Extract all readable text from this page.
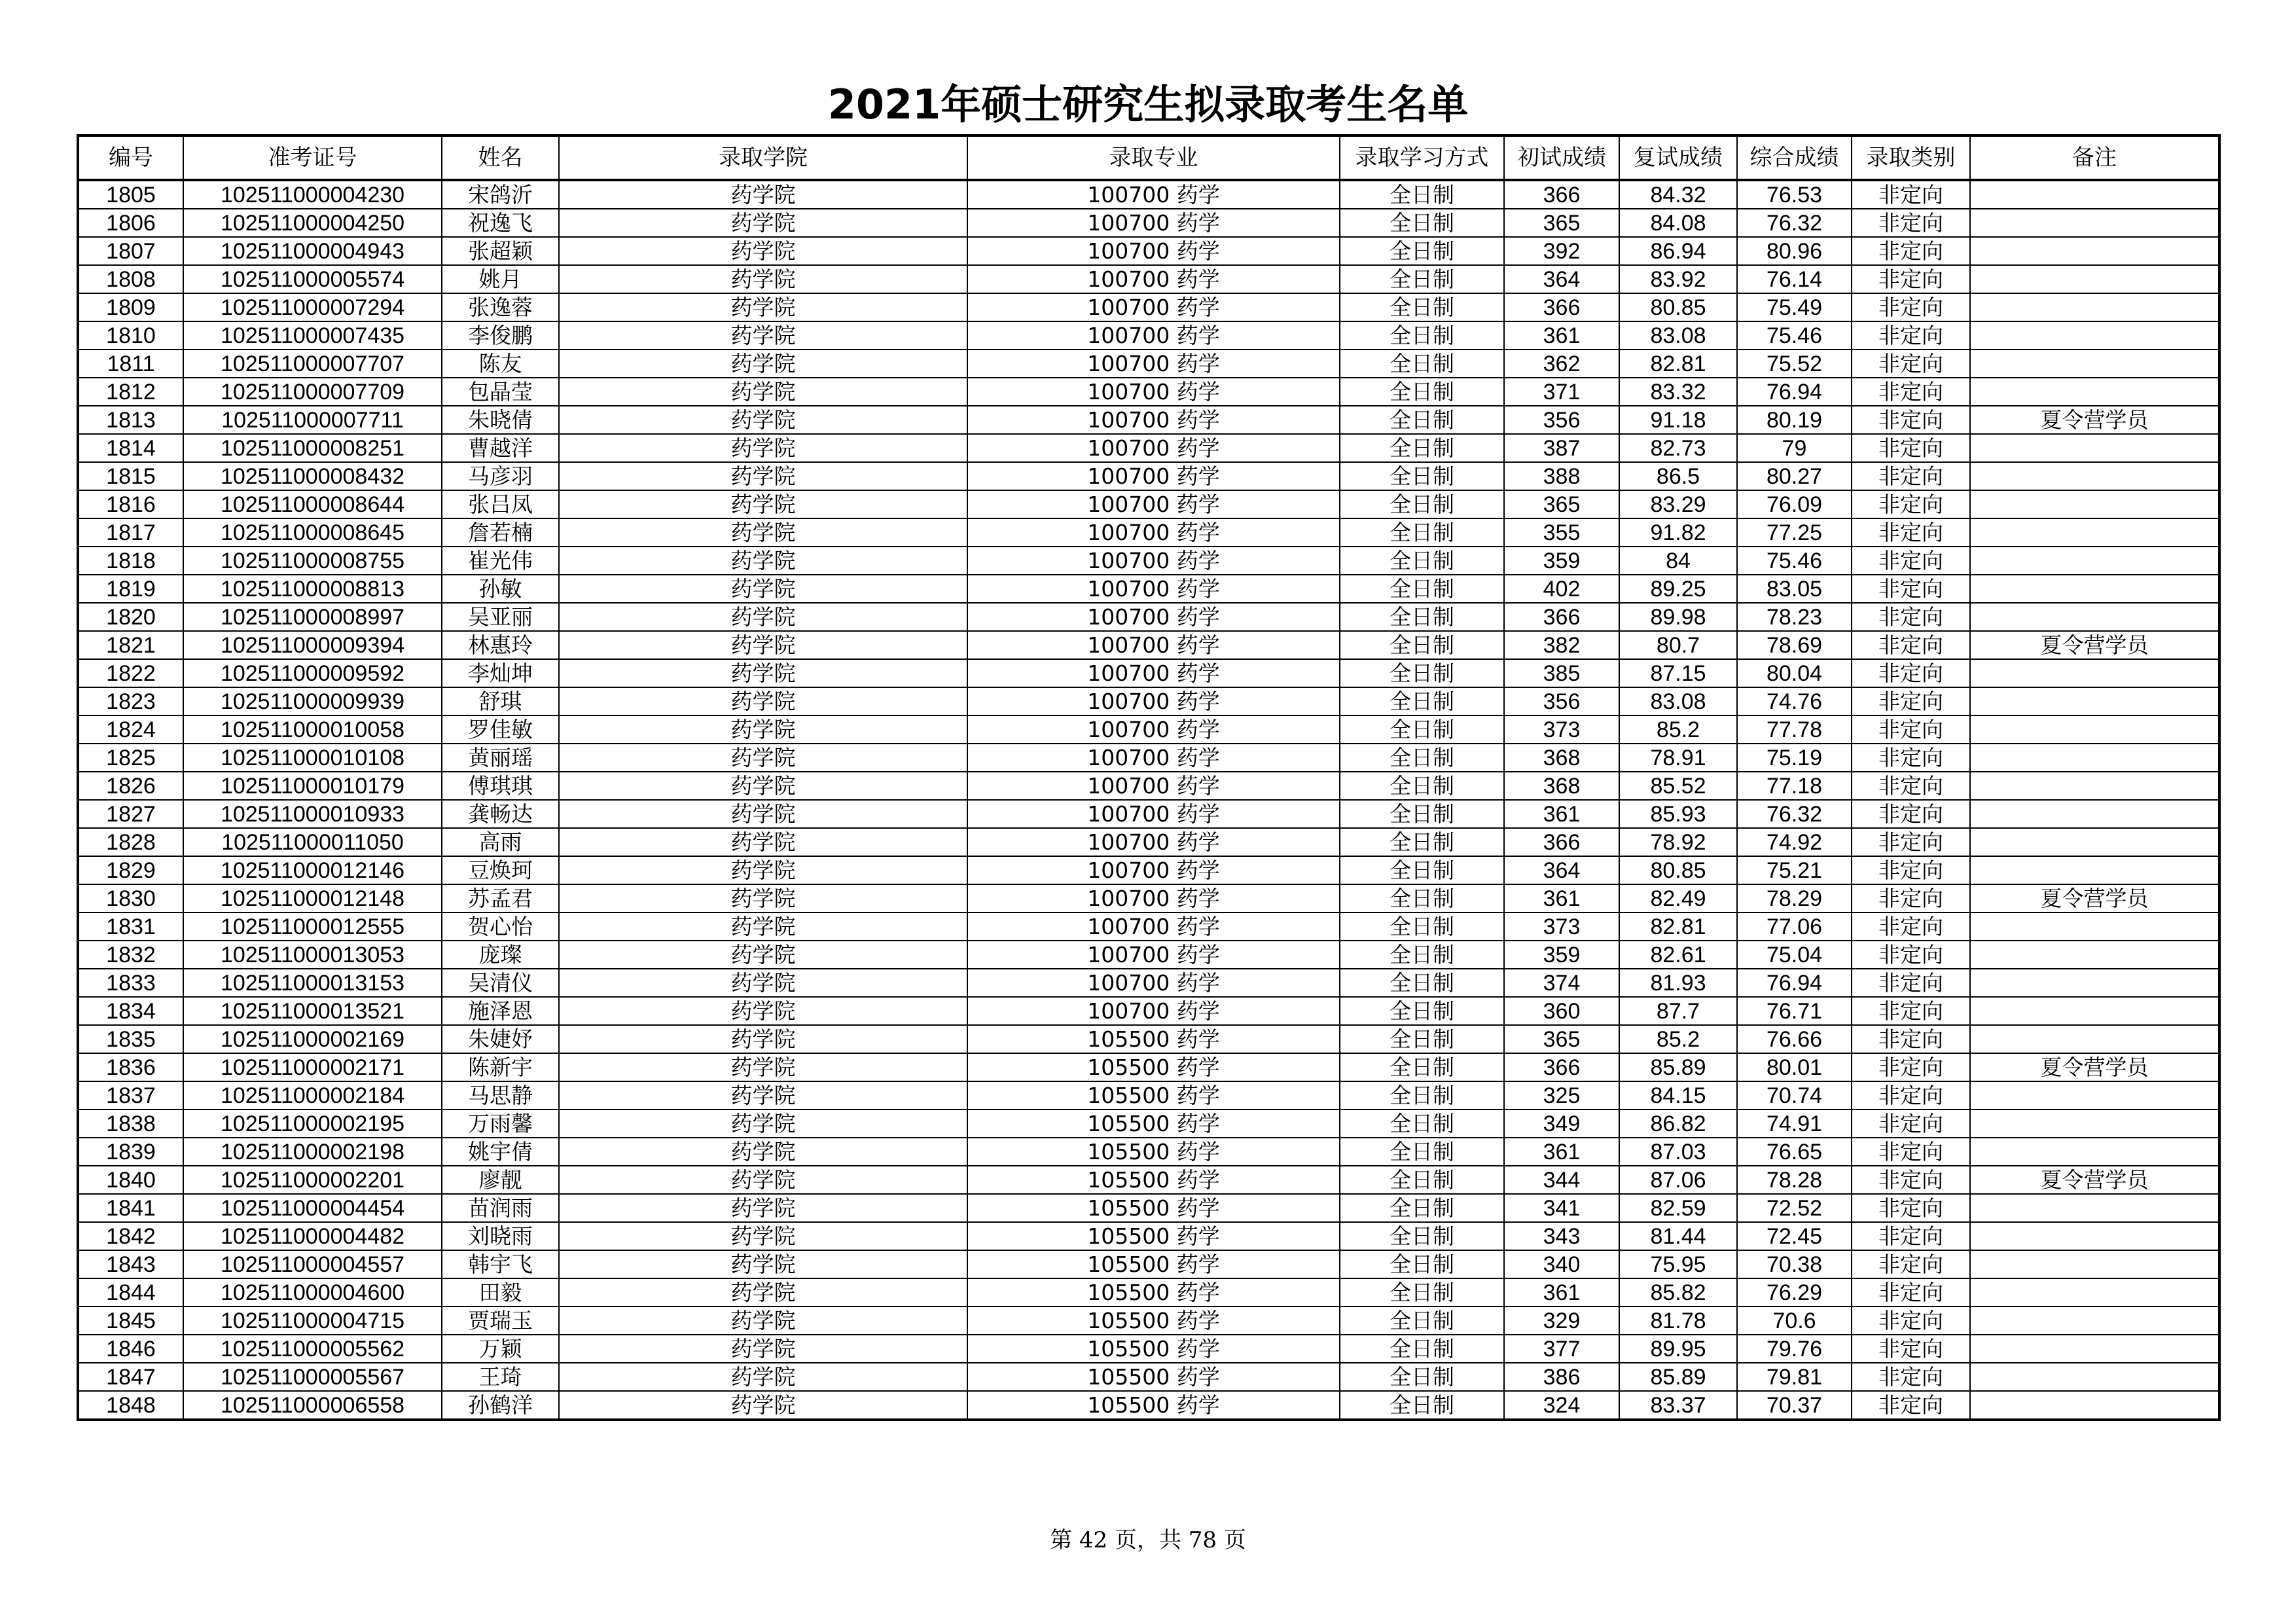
2021年硕士研究生拟录取考生名单
编号	准考证号	姓名	录取学院	录取专业	录取学习方式	初试成绩	复试成绩	综合成绩	录取类别	备注
1805	102511000004230	宋鸽沂	药学院	100700 药学	全日制	366	84.32	76.53	非定向	
1806	102511000004250	祝逸飞	药学院	100700 药学	全日制	365	84.08	76.32	非定向	
1807	102511000004943	张超颖	药学院	100700 药学	全日制	392	86.94	80.96	非定向	
1808	102511000005574	姚月	药学院	100700 药学	全日制	364	83.92	76.14	非定向	
1809	102511000007294	张逸蓉	药学院	100700 药学	全日制	366	80.85	75.49	非定向	
1810	102511000007435	李俊鹏	药学院	100700 药学	全日制	361	83.08	75.46	非定向	
1811	102511000007707	陈友	药学院	100700 药学	全日制	362	82.81	75.52	非定向	
1812	102511000007709	包晶莹	药学院	100700 药学	全日制	371	83.32	76.94	非定向	
1813	102511000007711	朱晓倩	药学院	100700 药学	全日制	356	91.18	80.19	非定向	夏令营学员
1814	102511000008251	曹越洋	药学院	100700 药学	全日制	387	82.73	79	非定向	
1815	102511000008432	马彦羽	药学院	100700 药学	全日制	388	86.5	80.27	非定向	
1816	102511000008644	张吕凤	药学院	100700 药学	全日制	365	83.29	76.09	非定向	
1817	102511000008645	詹若楠	药学院	100700 药学	全日制	355	91.82	77.25	非定向	
1818	102511000008755	崔光伟	药学院	100700 药学	全日制	359	84	75.46	非定向	
1819	102511000008813	孙敏	药学院	100700 药学	全日制	402	89.25	83.05	非定向	
1820	102511000008997	吴亚丽	药学院	100700 药学	全日制	366	89.98	78.23	非定向	
1821	102511000009394	林惠玲	药学院	100700 药学	全日制	382	80.7	78.69	非定向	夏令营学员
1822	102511000009592	李灿坤	药学院	100700 药学	全日制	385	87.15	80.04	非定向	
1823	102511000009939	舒琪	药学院	100700 药学	全日制	356	83.08	74.76	非定向	
1824	102511000010058	罗佳敏	药学院	100700 药学	全日制	373	85.2	77.78	非定向	
1825	102511000010108	黄丽瑶	药学院	100700 药学	全日制	368	78.91	75.19	非定向	
1826	102511000010179	傅琪琪	药学院	100700 药学	全日制	368	85.52	77.18	非定向	
1827	102511000010933	龚畅达	药学院	100700 药学	全日制	361	85.93	76.32	非定向	
1828	102511000011050	高雨	药学院	100700 药学	全日制	366	78.92	74.92	非定向	
1829	102511000012146	豆焕珂	药学院	100700 药学	全日制	364	80.85	75.21	非定向	
1830	102511000012148	苏孟君	药学院	100700 药学	全日制	361	82.49	78.29	非定向	夏令营学员
1831	102511000012555	贺心怡	药学院	100700 药学	全日制	373	82.81	77.06	非定向	
1832	102511000013053	庞璨	药学院	100700 药学	全日制	359	82.61	75.04	非定向	
1833	102511000013153	吴清仪	药学院	100700 药学	全日制	374	81.93	76.94	非定向	
1834	102511000013521	施泽恩	药学院	100700 药学	全日制	360	87.7	76.71	非定向	
1835	102511000002169	朱婕妤	药学院	105500 药学	全日制	365	85.2	76.66	非定向	
1836	102511000002171	陈新宇	药学院	105500 药学	全日制	366	85.89	80.01	非定向	夏令营学员
1837	102511000002184	马思静	药学院	105500 药学	全日制	325	84.15	70.74	非定向	
1838	102511000002195	万雨馨	药学院	105500 药学	全日制	349	86.82	74.91	非定向	
1839	102511000002198	姚宇倩	药学院	105500 药学	全日制	361	87.03	76.65	非定向	
1840	102511000002201	廖靓	药学院	105500 药学	全日制	344	87.06	78.28	非定向	夏令营学员
1841	102511000004454	苗润雨	药学院	105500 药学	全日制	341	82.59	72.52	非定向	
1842	102511000004482	刘晓雨	药学院	105500 药学	全日制	343	81.44	72.45	非定向	
1843	102511000004557	韩宇飞	药学院	105500 药学	全日制	340	75.95	70.38	非定向	
1844	102511000004600	田毅	药学院	105500 药学	全日制	361	85.82	76.29	非定向	
1845	102511000004715	贾瑞玉	药学院	105500 药学	全日制	329	81.78	70.6	非定向	
1846	102511000005562	万颖	药学院	105500 药学	全日制	377	89.95	79.76	非定向	
1847	102511000005567	王琦	药学院	105500 药学	全日制	386	85.89	79.81	非定向	
1848	102511000006558	孙鹤洋	药学院	105500 药学	全日制	324	83.37	70.37	非定向	
第 42 页，共 78 页
